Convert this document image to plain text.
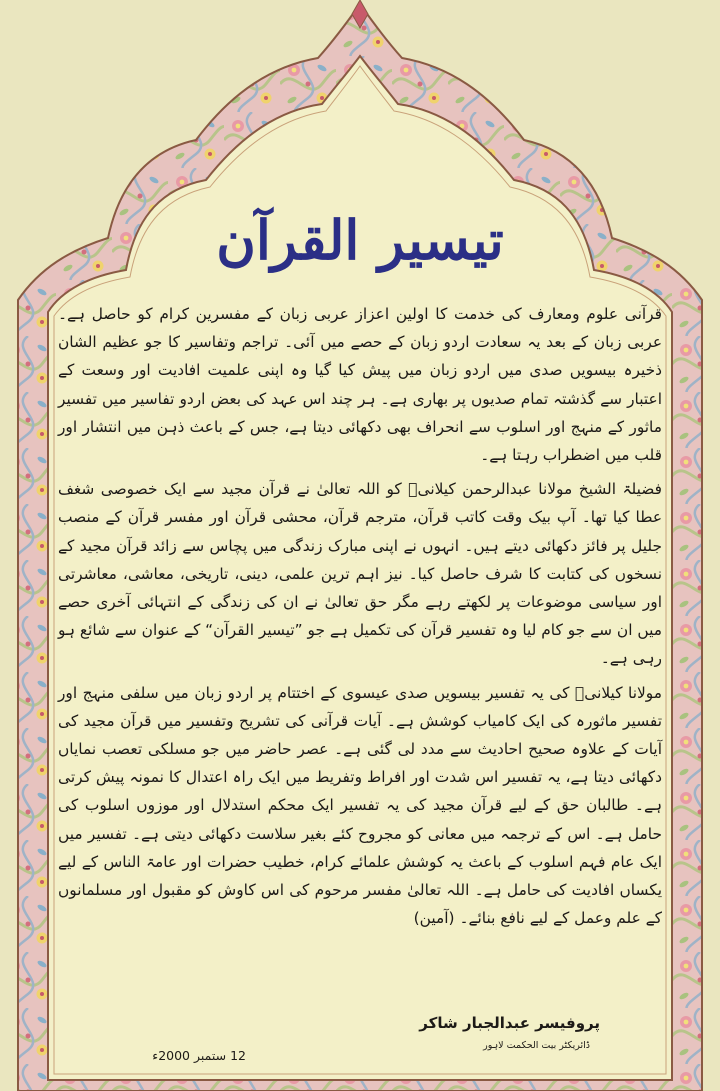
تیسیر القرآن

قرآنی علوم ومعارف کی خدمت کا اولین اعزاز عربی زبان کے مفسرین کرام کو حاصل ہے۔ عربی زبان کے بعد یہ سعادت اردو زبان کے حصے میں آئی۔ تراجم وتفاسیر کا جو عظیم الشان ذخیرہ بیسویں صدی میں اردو زبان میں پیش کیا گیا وہ اپنی علمیت افادیت اور وسعت کے اعتبار سے گذشتہ تمام صدیوں پر بھاری ہے۔ ہر چند اس عہد کی بعض اردو تفاسیر میں تفسیر ماثور کے منہج اور اسلوب سے انحراف بھی دکھائی دیتا ہے، جس کے باعث ذہن میں انتشار اور قلب میں اضطراب رہتا ہے۔

فضیلۃ الشیخ مولانا عبدالرحمن کیلانیؒ کو اللہ تعالیٰ نے قرآن مجید سے ایک خصوصی شغف عطا کیا تھا۔ آپ بیک وقت کاتب قرآن، مترجم قرآن، محشی قرآن اور مفسر قرآن کے منصب جلیل پر فائز دکھائی دیتے ہیں۔ انہوں نے اپنی مبارک زندگی میں پچاس سے زائد قرآن مجید کے نسخوں کی کتابت کا شرف حاصل کیا۔ نیز اہم ترین علمی، دینی، تاریخی، معاشی، معاشرتی اور سیاسی موضوعات پر لکھتے رہے مگر حق تعالیٰ نے ان کی زندگی کے انتہائی آخری حصے میں ان سے جو کام لیا وہ تفسیر قرآن کی تکمیل ہے جو ”تیسیر القرآن“ کے عنوان سے شائع ہو رہی ہے۔

مولانا کیلانیؒ کی یہ تفسیر بیسویں صدی عیسوی کے اختتام پر اردو زبان میں سلفی منہج اور تفسیر ماثورہ کی ایک کامیاب کوشش ہے۔ آیات قرآنی کی تشریح وتفسیر میں قرآن مجید کی آیات کے علاوہ صحیح احادیث سے مدد لی گئی ہے۔ عصر حاضر میں جو مسلکی تعصب نمایاں دکھائی دیتا ہے، یہ تفسیر اس شدت اور افراط وتفریط میں ایک راہ اعتدال کا نمونہ پیش کرتی ہے۔ طالبان حق کے لیے قرآن مجید کی یہ تفسیر ایک محکم استدلال اور موزوں اسلوب کی حامل ہے۔ اس کے ترجمہ میں معانی کو مجروح کئے بغیر سلاست دکھائی دیتی ہے۔ تفسیر میں ایک عام فہم اسلوب کے باعث یہ کوشش علمائے کرام، خطیب حضرات اور عامۃ الناس کے لیے یکساں افادیت کی حامل ہے۔ اللہ تعالیٰ مفسر مرحوم کی اس کاوش کو مقبول اور مسلمانوں کے علم وعمل کے لیے نافع بنائے۔ (آمین)

پروفیسر عبدالجبار شاکر
ڈائریکٹر بیت الحکمت لاہور
12 ستمبر 2000ء
